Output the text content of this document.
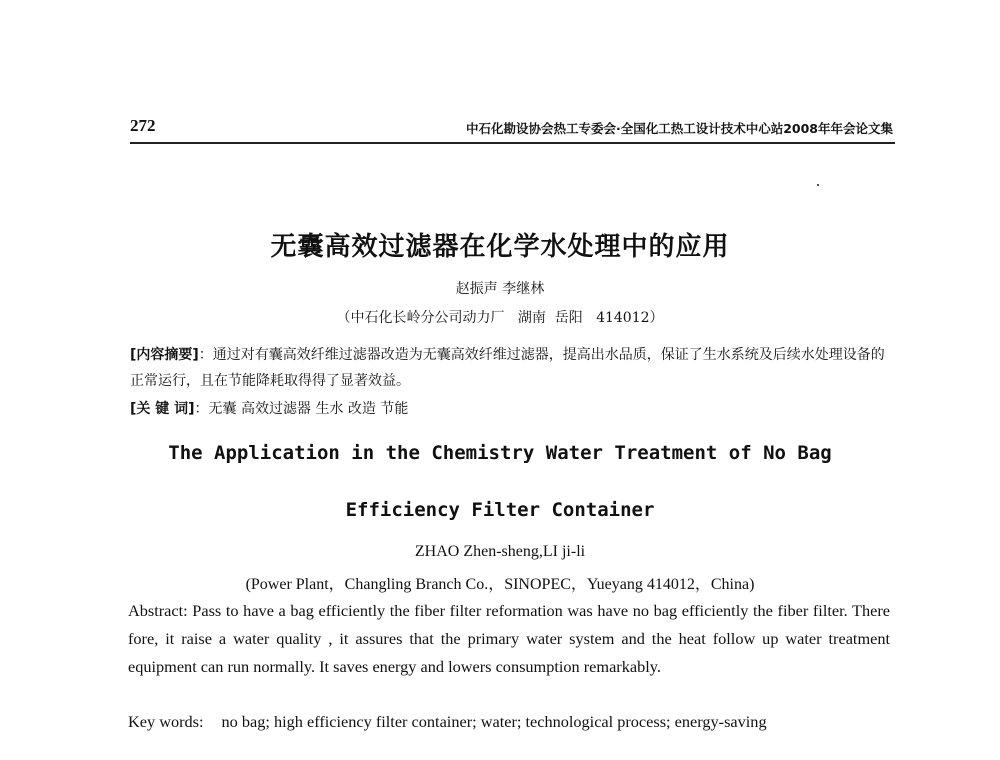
272	中石化勘设协会热工专委会·全国化工热工设计技术中心站2008年年会论文集
无囊高效过滤器在化学水处理中的应用
赵振声 李继林
（中石化长岭分公司动力厂   湖南  岳阳   414012）
[内容摘要]：通过对有囊高效纤维过滤器改造为无囊高效纤维过滤器，提高出水品质，保证了生水系统及后续水处理设备的正常运行，且在节能降耗取得得了显著效益。
[关 键 词]：无囊 高效过滤器 生水 改造 节能
The Application in the Chemistry Water Treatment of No Bag
Efficiency Filter Container
ZHAO Zhen-sheng,LI ji-li
(Power Plant，Changling Branch Co.，SINOPEC，Yueyang 414012，China)
Abstract: Pass to have a bag efficiently the fiber filter reformation was have no bag efficiently the fiber filter. There fore, it raise a water quality , it assures that the primary water system and the heat follow up water treatment equipment can run normally. It saves energy and lowers consumption remarkably.
Key words: no bag; high efficiency filter container; water; technological process; energy-saving
